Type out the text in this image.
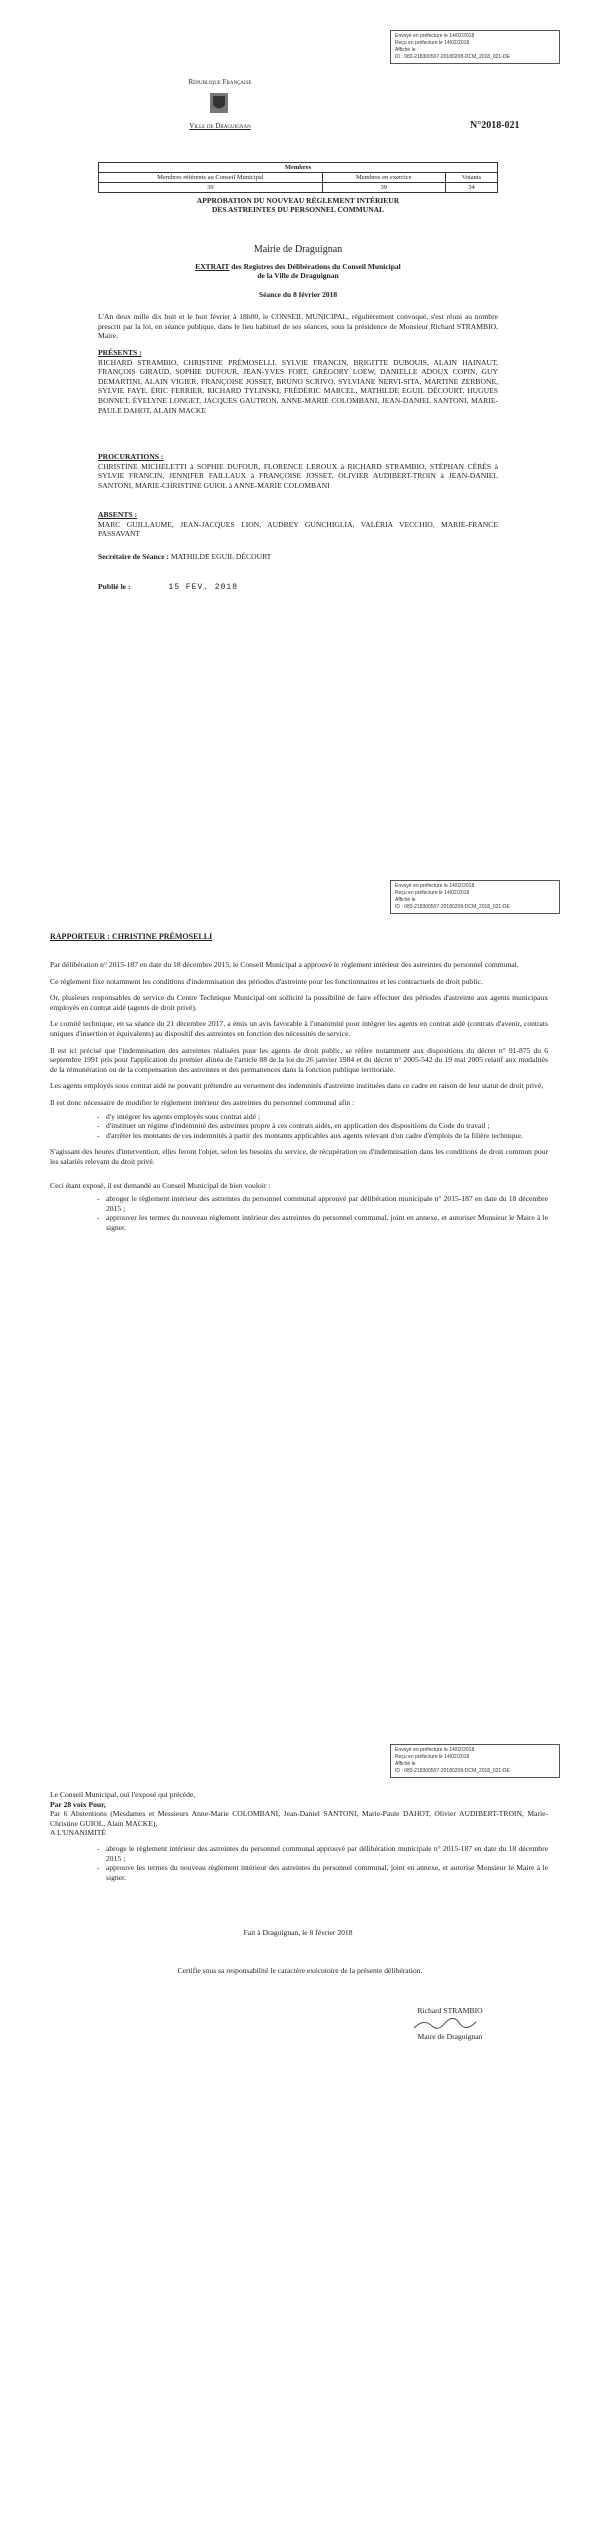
Envoyé en préfecture le 14/02/2018
Reçu en préfecture le 14/02/2018
Affiché le
ID : 083-218300507-20180208-DCM_2018_021-DE
République Française
Ville de Draguignan	N°2018-021
Membres		
Membres référents au Conseil Municipal	Membres en exercice	Votants
39	39	34
APPROBATION DU NOUVEAU RÈGLEMENT INTÉRIEUR
DES ASTREINTES DU PERSONNEL COMMUNAL
Mairie de Draguignan
EXTRAIT des Registres des Délibérations du Conseil Municipal
de la Ville de Draguignan
Séance du 8 février 2018
L'An deux mille dix huit et le huit février à 18h00, le CONSEIL MUNICIPAL, régulièrement convoqué, s'est réuni au nombre prescrit par la loi, en séance publique, dans le lieu habituel de ses séances, sous la présidence de Monsieur Richard STRAMBIO, Maire.
PRÉSENTS :
RICHARD STRAMBIO, CHRISTINE PRÉMOSELLI, SYLVIE FRANCIN, BRIGITTE DUBOUIS, ALAIN HAINAUT, FRANÇOIS GIRAUD, SOPHIE DUFOUR, JEAN-YVES FORT, GRÉGORY LOEW, DANIELLE ADOUX COPIN, GUY DEMARTINI, ALAIN VIGIER, FRANÇOISE JOSSET, BRUNO SCRIVO, SYLVIANE NERVI-SITA, MARTINE ZERBONE, SYLVIE FAYE, ÉRIC FERRIER, RICHARD TYLINSKI, FRÉDÉRIC MARCEL, MATHILDE EGUIL DÉCOURT, HUGUES BONNET, ÉVELYNE LONGET, JACQUES GAUTRON, ANNE-MARIE COLOMBANI, JEAN-DANIEL SANTONI, MARIE-PAULE DAHOT, ALAIN MACKE
PROCURATIONS :
CHRISTINE MICHELETTI à SOPHIE DUFOUR, FLORENCE LEROUX à RICHARD STRAMBIO, STÉPHAN CÉRÈS à SYLVIE FRANCIN, JENNIFER FAILLAUX à FRANÇOISE JOSSET, OLIVIER AUDIBERT-TROIN à JEAN-DANIEL SANTONI, MARIE-CHRISTINE GUIOL à ANNE-MARIE COLOMBANI
ABSENTS :
MARC GUILLAUME, JEAN-JACQUES LION, AUDREY GUNCHIGLIA, VALÉRIA VECCHIO, MARIE-FRANCE PASSAVANT
Secrétaire de Séance : MATHILDE EGUIL DÉCOURT
Publié le :	15 FEV. 2018
Envoyé en préfecture le 14/02/2018
Reçu en préfecture le 14/02/2018
Affiché le
ID : 083-218300507-20180208-DCM_2018_021-DE
RAPPORTEUR : CHRISTINE PRÉMOSELLI

Par délibération n° 2015-187 en date du 18 décembre 2015, le Conseil Municipal a approuvé le règlement intérieur des astreintes du personnel communal.

Ce règlement fixe notamment les conditions d'indemnisation des périodes d'astreinte pour les fonctionnaires et les contractuels de droit public.

Or, plusieurs responsables de service du Centre Technique Municipal ont sollicité la possibilité de faire effectuer des périodes d'astreinte aux agents municipaux employés en contrat aidé (agents de droit privé).

Le comité technique, en sa séance du 21 décembre 2017, a émis un avis favorable à l'unanimité pour intégrer les agents en contrat aidé (contrats d'avenir, contrats uniques d'insertion et équivalents) au dispositif des astreintes en fonction des nécessités de service.

Il est ici précisé que l'indemnisation des astreintes réalisées pour les agents de droit public, se réfère notamment aux dispositions du décret n° 91-875 du 6 septembre 1991 pris pour l'application du premier alinéa de l'article 88 de la loi du 26 janvier 1984 et du décret n° 2005-542 du 19 mai 2005 relatif aux modalités de la rémunération ou de la compensation des astreintes et des permanences dans la fonction publique territoriale.

Les agents employés sous contrat aidé ne pouvant prétendre au versement des indemnités d'astreinte instituées dans ce cadre en raison de leur statut de droit privé,

Il est donc nécessaire de modifier le règlement intérieur des astreintes du personnel communal afin :

- d'y intégrer les agents employés sous contrat aidé ;
- d'instituer un régime d'indemnité des astreintes propre à ces contrats aidés, en application des dispositions du Code du travail ;
- d'arrêter les montants de ces indemnités à partir des montants applicables aux agents relevant d'un cadre d'emplois de la filière technique.

S'agissant des heures d'intervention, elles feront l'objet, selon les besoins du service, de récupération ou d'indemnisation dans les conditions de droit commun pour les salariés relevant du droit privé.

Ceci étant exposé, il est demandé au Conseil Municipal de bien vouloir :

- abroger le règlement intérieur des astreintes du personnel communal approuvé par délibération municipale n° 2015-187 en date du 18 décembre 2015 ;
- approuver les termes du nouveau règlement intérieur des astreintes du personnel communal, joint en annexe, et autoriser Monsieur le Maire à le signer.
Envoyé en préfecture le 14/02/2018
Reçu en préfecture le 14/02/2018
Affiché le
ID : 083-218300507-20180208-DCM_2018_021-DE
Le Conseil Municipal, ouï l'exposé qui précède,
Par 28 voix Pour,
Par 6 Abstentions (Mesdames et Messieurs Anne-Marie COLOMBANI, Jean-Daniel SANTONI, Marie-Paule DAHOT, Olivier AUDIBERT-TROIN, Marie-Christine GUIOL, Alain MACKE),
A L'UNANIMITÉ
- abroge le règlement intérieur des astreintes du personnel communal approuvé par délibération municipale n° 2015-187 en date du 18 décembre 2015 ;
- approuve les termes du nouveau règlement intérieur des astreintes du personnel communal, joint en annexe, et autorise Monsieur le Maire à le signer.
Fait à Draguignan, le 8 février 2018
Certifie sous sa responsabilité le caractère exécutoire de la présente délibération.
Richard STRAMBIO
Maire de Draguignan
